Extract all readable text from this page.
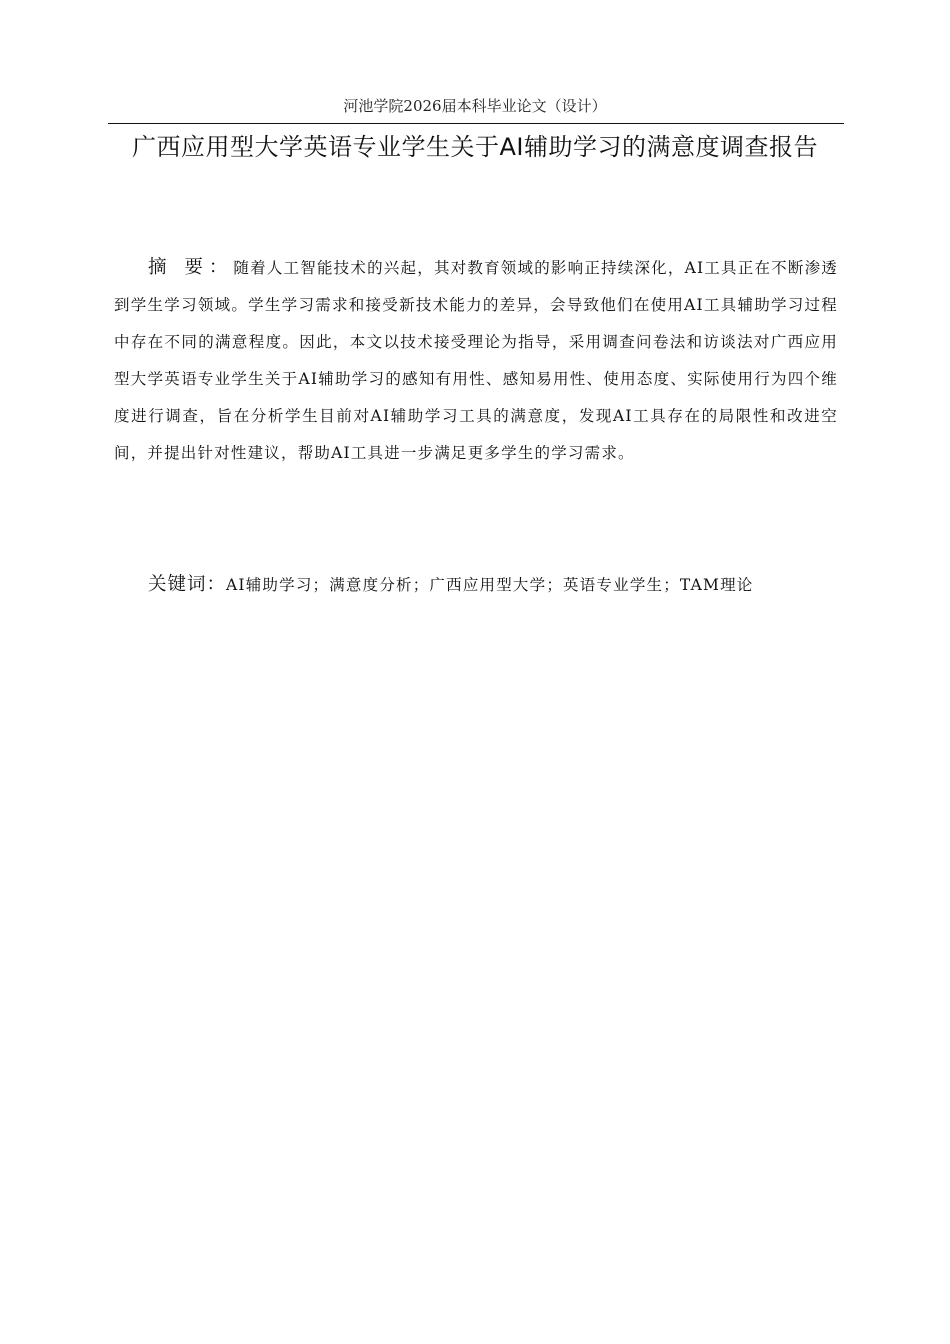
河池学院2026届本科毕业论文（设计）
广西应用型大学英语专业学生关于AI辅助学习的满意度调查报告

摘 要：随着人工智能技术的兴起，其对教育领域的影响正持续深化，AI工具正在不断渗透到学生学习领域。学生学习需求和接受新技术能力的差异，会导致他们在使用AI工具辅助学习过程中存在不同的满意程度。因此，本文以技术接受理论为指导，采用调查问卷法和访谈法对广西应用型大学英语专业学生关于AI辅助学习的感知有用性、感知易用性、使用态度、实际使用行为四个维度进行调查，旨在分析学生目前对AI辅助学习工具的满意度，发现AI工具存在的局限性和改进空间，并提出针对性建议，帮助AI工具进一步满足更多学生的学习需求。

关键词：AI辅助学习；满意度分析；广西应用型大学；英语专业学生；TAM理论
